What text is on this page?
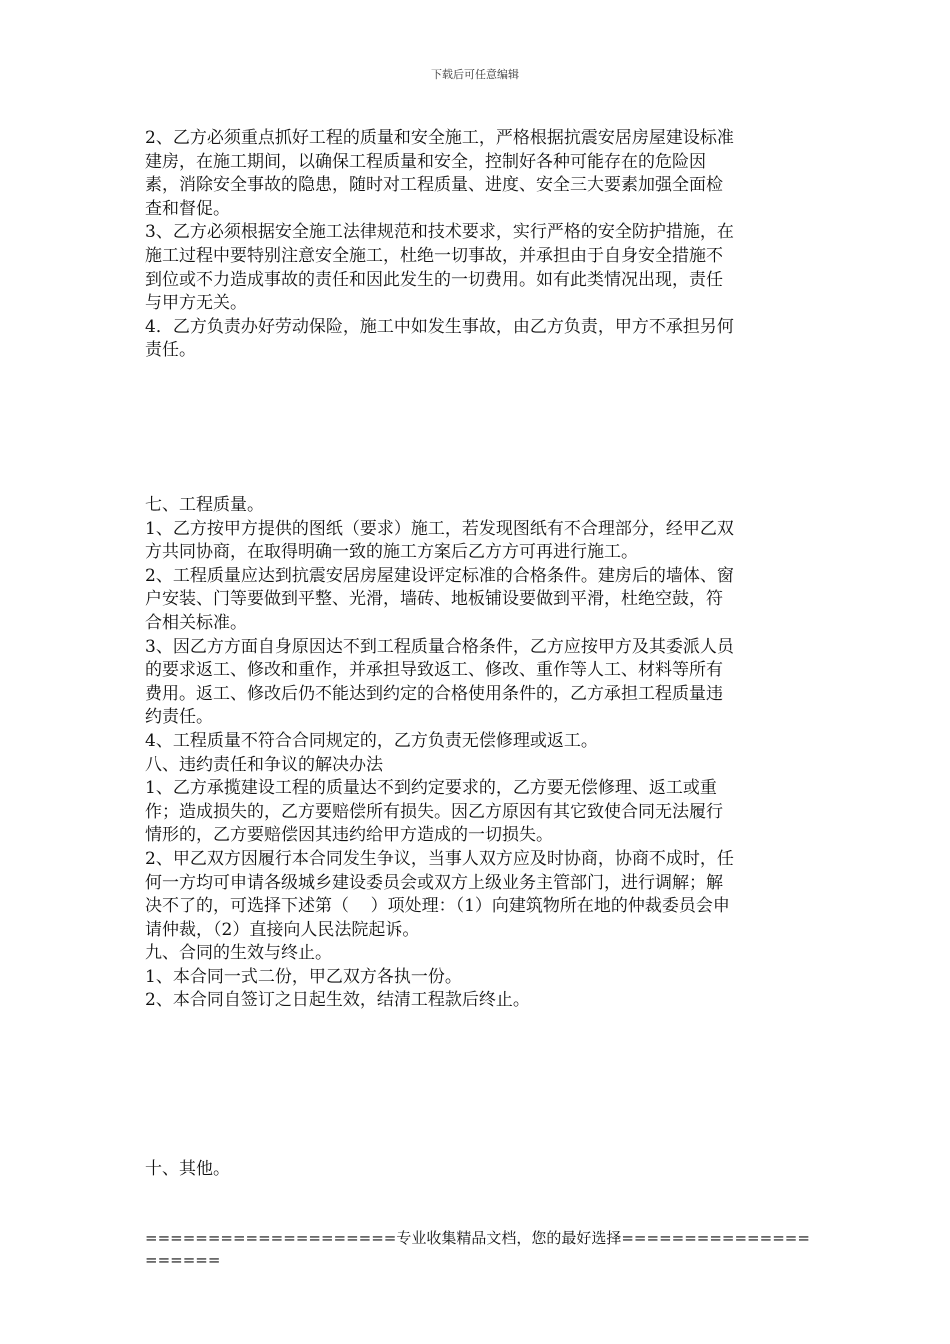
下载后可任意编辑

2、乙方必须重点抓好工程的质量和安全施工，严格根据抗震安居房屋建设标准

建房，在施工期间，以确保工程质量和安全，控制好各种可能存在的危险因

素，消除安全事故的隐患，随时对工程质量、进度、安全三大要素加强全面检

查和督促。

3、乙方必须根据安全施工法律规范和技术要求，实行严格的安全防护措施，在

施工过程中要特别注意安全施工，杜绝一切事故，并承担由于自身安全措施不

到位或不力造成事故的责任和因此发生的一切费用。如有此类情况出现，责任

与甲方无关。

4．乙方负责办好劳动保险，施工中如发生事故，由乙方负责，甲方不承担另何

责任。

七、工程质量。

1、乙方按甲方提供的图纸（要求）施工，若发现图纸有不合理部分，经甲乙双

方共同协商，在取得明确一致的施工方案后乙方方可再进行施工。

2、工程质量应达到抗震安居房屋建设评定标准的合格条件。建房后的墙体、窗

户安装、门等要做到平整、光滑，墙砖、地板铺设要做到平滑，杜绝空鼓，符

合相关标准。

3、因乙方方面自身原因达不到工程质量合格条件，乙方应按甲方及其委派人员

的要求返工、修改和重作，并承担导致返工、修改、重作等人工、材料等所有

费用。返工、修改后仍不能达到约定的合格使用条件的，乙方承担工程质量违

约责任。

4、工程质量不符合合同规定的，乙方负责无偿修理或返工。

八、违约责任和争议的解决办法

1、乙方承揽建设工程的质量达不到约定要求的，乙方要无偿修理、返工或重

作；造成损失的，乙方要赔偿所有损失。因乙方原因有其它致使合同无法履行

情形的，乙方要赔偿因其违约给甲方造成的一切损失。

2、甲乙双方因履行本合同发生争议，当事人双方应及时协商，协商不成时，任

何一方均可申请各级城乡建设委员会或双方上级业务主管部门，进行调解；解

决不了的，可选择下述第（    ）项处理：（1）向建筑物所在地的仲裁委员会申

请仲裁，（2）直接向人民法院起诉。

九、合同的生效与终止。

1、本合同一式二份，甲乙双方各执一份。

2、本合同自签订之日起生效，结清工程款后终止。

十、其他。

====================专业收集精品文档，您的最好选择=====================
